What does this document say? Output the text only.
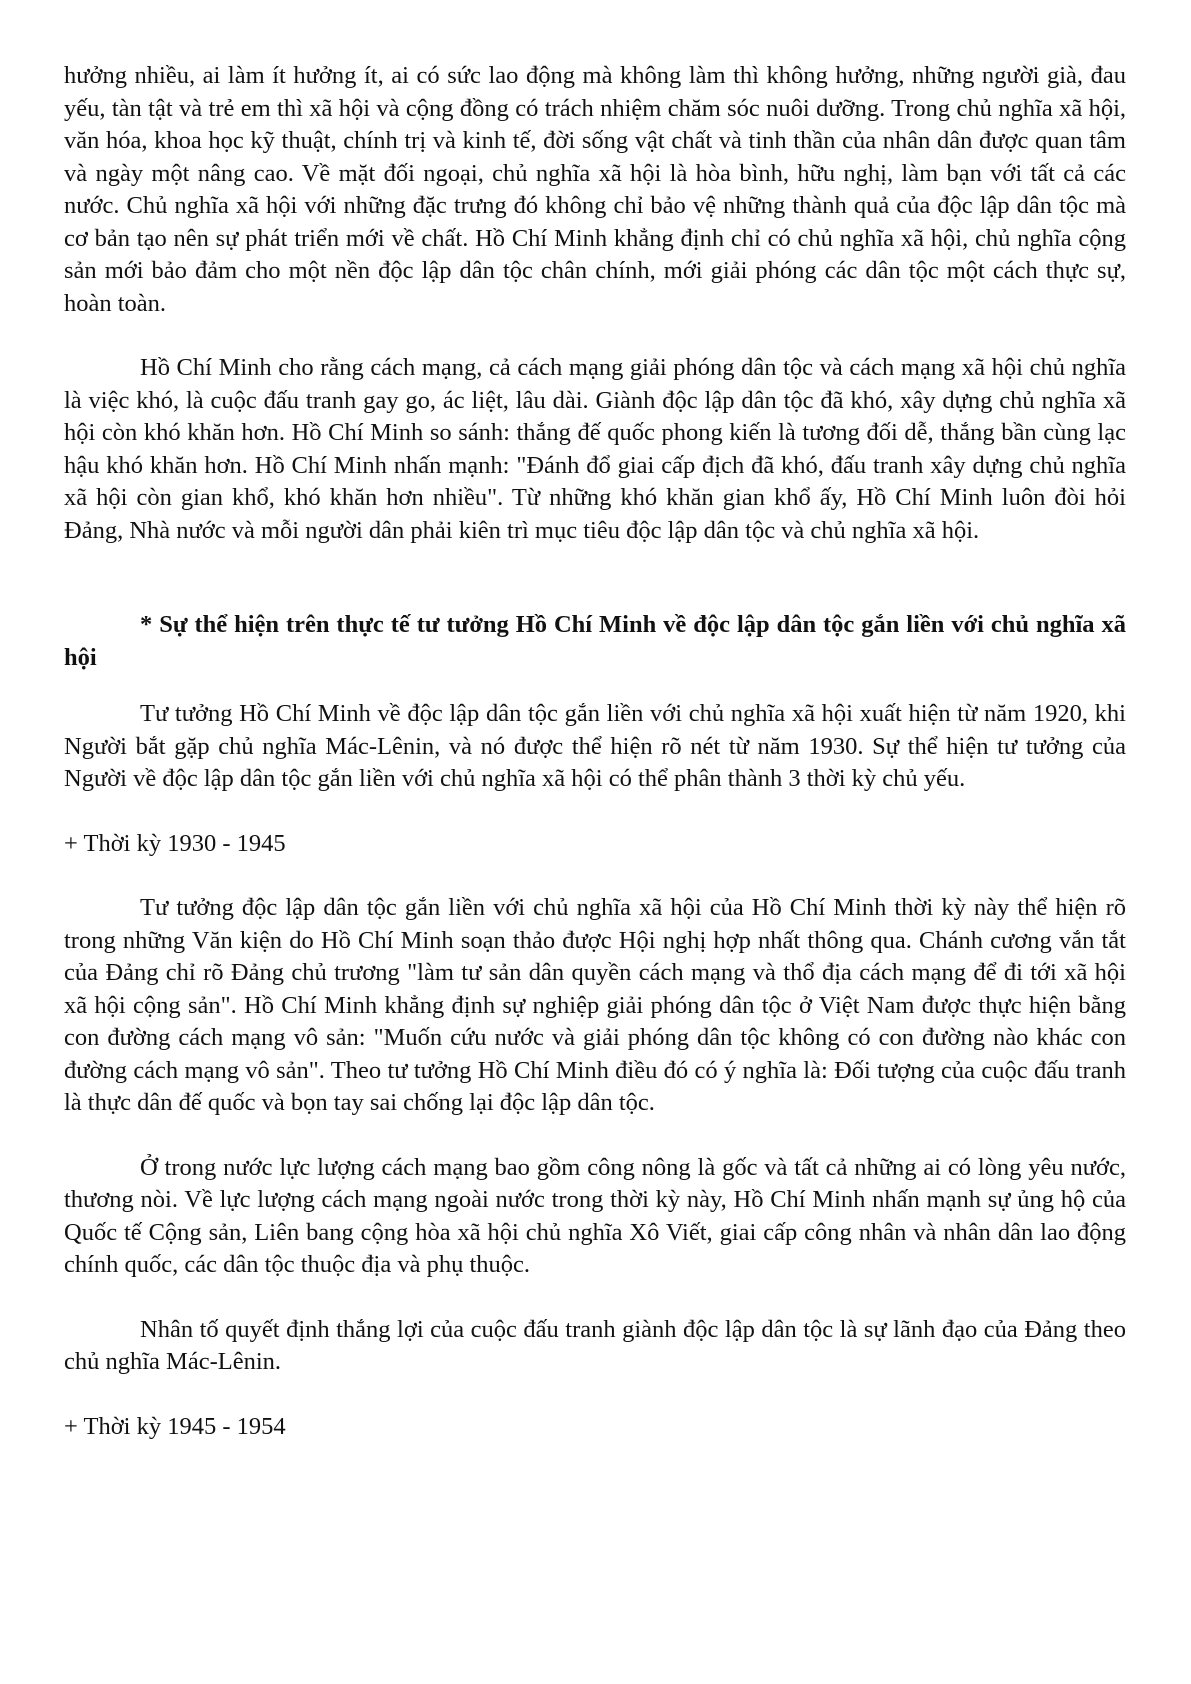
hưởng nhiều, ai làm ít hưởng ít, ai có sức lao động mà không làm thì không hưởng, những người già, đau yếu, tàn tật và trẻ em thì xã hội và cộng đồng có trách nhiệm chăm sóc nuôi dưỡng. Trong chủ nghĩa xã hội, văn hóa, khoa học kỹ thuật, chính trị và kinh tế, đời sống vật chất và tinh thần của nhân dân được quan tâm và ngày một nâng cao. Về mặt đối ngoại, chủ nghĩa xã hội là hòa bình, hữu nghị, làm bạn với tất cả các nước. Chủ nghĩa xã hội với những đặc trưng đó không chỉ bảo vệ những thành quả của độc lập dân tộc mà cơ bản tạo nên sự phát triển mới về chất. Hồ Chí Minh khẳng định chỉ có chủ nghĩa xã hội, chủ nghĩa cộng sản mới bảo đảm cho một nền độc lập dân tộc chân chính, mới giải phóng các dân tộc một cách thực sự, hoàn toàn.

Hồ Chí Minh cho rằng cách mạng, cả cách mạng giải phóng dân tộc và cách mạng xã hội chủ nghĩa là việc khó, là cuộc đấu tranh gay go, ác liệt, lâu dài. Giành độc lập dân tộc đã khó, xây dựng chủ nghĩa xã hội còn khó khăn hơn. Hồ Chí Minh so sánh: thắng đế quốc phong kiến là tương đối dễ, thắng bần cùng lạc hậu khó khăn hơn. Hồ Chí Minh nhấn mạnh: "Đánh đổ giai cấp địch đã khó, đấu tranh xây dựng chủ nghĩa xã hội còn gian khổ, khó khăn hơn nhiều". Từ những khó khăn gian khổ ấy, Hồ Chí Minh luôn đòi hỏi Đảng, Nhà nước và mỗi người dân phải kiên trì mục tiêu độc lập dân tộc và chủ nghĩa xã hội.

* Sự thể hiện trên thực tế tư tưởng Hồ Chí Minh về độc lập dân tộc gắn liền với chủ nghĩa xã hội

Tư tưởng Hồ Chí Minh về độc lập dân tộc gắn liền với chủ nghĩa xã hội xuất hiện từ năm 1920, khi Người bắt gặp chủ nghĩa Mác-Lênin, và nó được thể hiện rõ nét từ năm 1930. Sự thể hiện tư tưởng của Người về độc lập dân tộc gắn liền với chủ nghĩa xã hội có thể phân thành 3 thời kỳ chủ yếu.

+ Thời kỳ 1930 - 1945

Tư tưởng độc lập dân tộc gắn liền với chủ nghĩa xã hội của Hồ Chí Minh thời kỳ này thể hiện rõ trong những Văn kiện do Hồ Chí Minh soạn thảo được Hội nghị hợp nhất thông qua. Chánh cương vắn tắt của Đảng chỉ rõ Đảng chủ trương "làm tư sản dân quyền cách mạng và thổ địa cách mạng để đi tới xã hội xã hội cộng sản". Hồ Chí Minh khẳng định sự nghiệp giải phóng dân tộc ở Việt Nam được thực hiện bằng con đường cách mạng vô sản: "Muốn cứu nước và giải phóng dân tộc không có con đường nào khác con đường cách mạng vô sản". Theo tư tưởng Hồ Chí Minh điều đó có ý nghĩa là: Đối tượng của cuộc đấu tranh là thực dân đế quốc và bọn tay sai chống lại độc lập dân tộc.

Ở trong nước lực lượng cách mạng bao gồm công nông là gốc và tất cả những ai có lòng yêu nước, thương nòi. Về lực lượng cách mạng ngoài nước trong thời kỳ này, Hồ Chí Minh nhấn mạnh sự ủng hộ của Quốc tế Cộng sản, Liên bang cộng hòa xã hội chủ nghĩa Xô Viết, giai cấp công nhân và nhân dân lao động chính quốc, các dân tộc thuộc địa và phụ thuộc.

Nhân tố quyết định thắng lợi của cuộc đấu tranh giành độc lập dân tộc là sự lãnh đạo của Đảng theo chủ nghĩa Mác-Lênin.

+ Thời kỳ 1945 - 1954
